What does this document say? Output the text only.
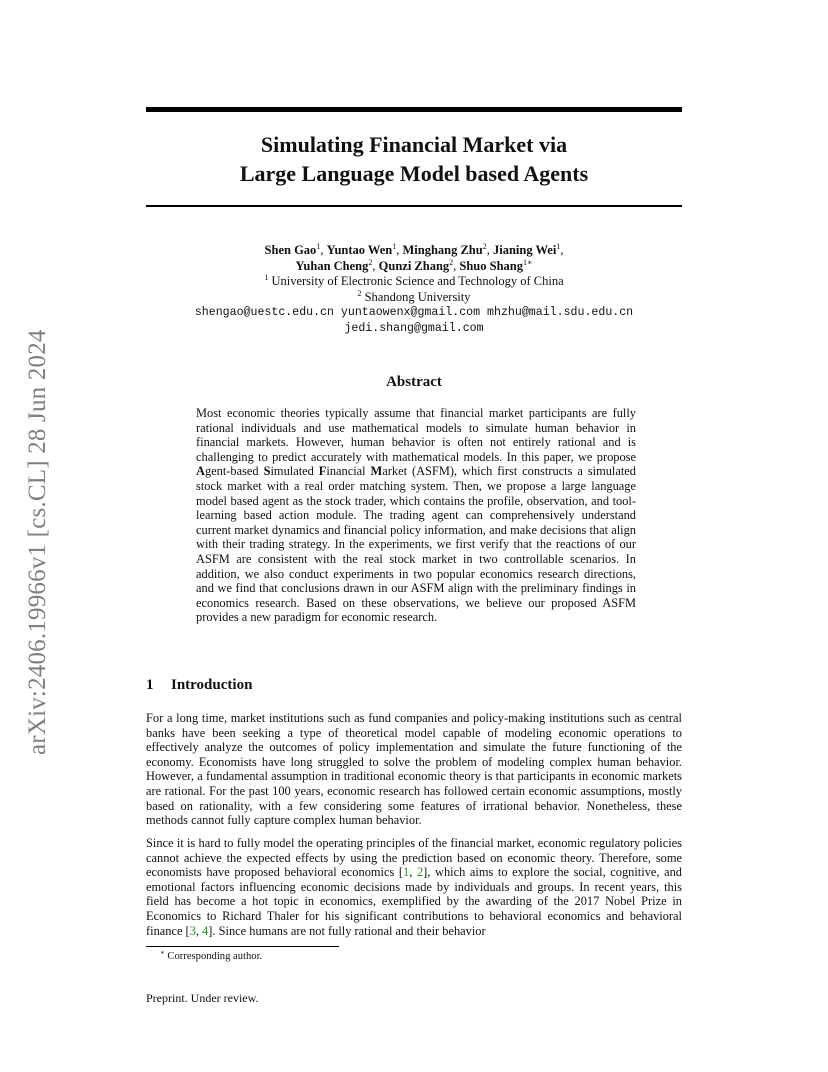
arXiv:2406.19966v1 [cs.CL] 28 Jun 2024
Simulating Financial Market via
Large Language Model based Agents
Shen Gao$^1$, Yuntao Wen$^1$, Minghang Zhu$^2$, Jianing Wei$^1$,
Yuhan Cheng$^2$, Qunzi Zhang$^2$, Shuo Shang$^{1∗}$
$^1$ University of Electronic Science and Technology of China
$^2$ Shandong University
shengao@uestc.edu.cn yuntaowenx@gmail.com mhzhu@mail.sdu.edu.cn
jedi.shang@gmail.com
Abstract
Most economic theories typically assume that financial market participants are fully rational individuals and use mathematical models to simulate human behavior in financial markets. However, human behavior is often not entirely rational and is challenging to predict accurately with mathematical models. In this paper, we propose Agent-based Simulated Financial Market (ASFM), which first constructs a simulated stock market with a real order matching system. Then, we propose a large language model based agent as the stock trader, which contains the profile, observation, and tool-learning based action module. The trading agent can comprehensively understand current market dynamics and financial policy information, and make decisions that align with their trading strategy. In the experiments, we first verify that the reactions of our ASFM are consistent with the real stock market in two controllable scenarios. In addition, we also conduct experiments in two popular economics research directions, and we find that conclusions drawn in our ASFM align with the preliminary findings in economics research. Based on these observations, we believe our proposed ASFM provides a new paradigm for economic research.
1 Introduction
For a long time, market institutions such as fund companies and policy-making institutions such as central banks have been seeking a type of theoretical model capable of modeling economic operations to effectively analyze the outcomes of policy implementation and simulate the future functioning of the economy. Economists have long struggled to solve the problem of modeling complex human behavior. However, a fundamental assumption in traditional economic theory is that participants in economic markets are rational. For the past 100 years, economic research has followed certain economic assumptions, mostly based on rationality, with a few considering some features of irrational behavior. Nonetheless, these methods cannot fully capture complex human behavior.
Since it is hard to fully model the operating principles of the financial market, economic regulatory policies cannot achieve the expected effects by using the prediction based on economic theory. Therefore, some economists have proposed behavioral economics [1, 2], which aims to explore the social, cognitive, and emotional factors influencing economic decisions made by individuals and groups. In recent years, this field has become a hot topic in economics, exemplified by the awarding of the 2017 Nobel Prize in Economics to Richard Thaler for his significant contributions to behavioral economics and behavioral finance [3, 4]. Since humans are not fully rational and their behavior
∗ Corresponding author.
Preprint. Under review.
